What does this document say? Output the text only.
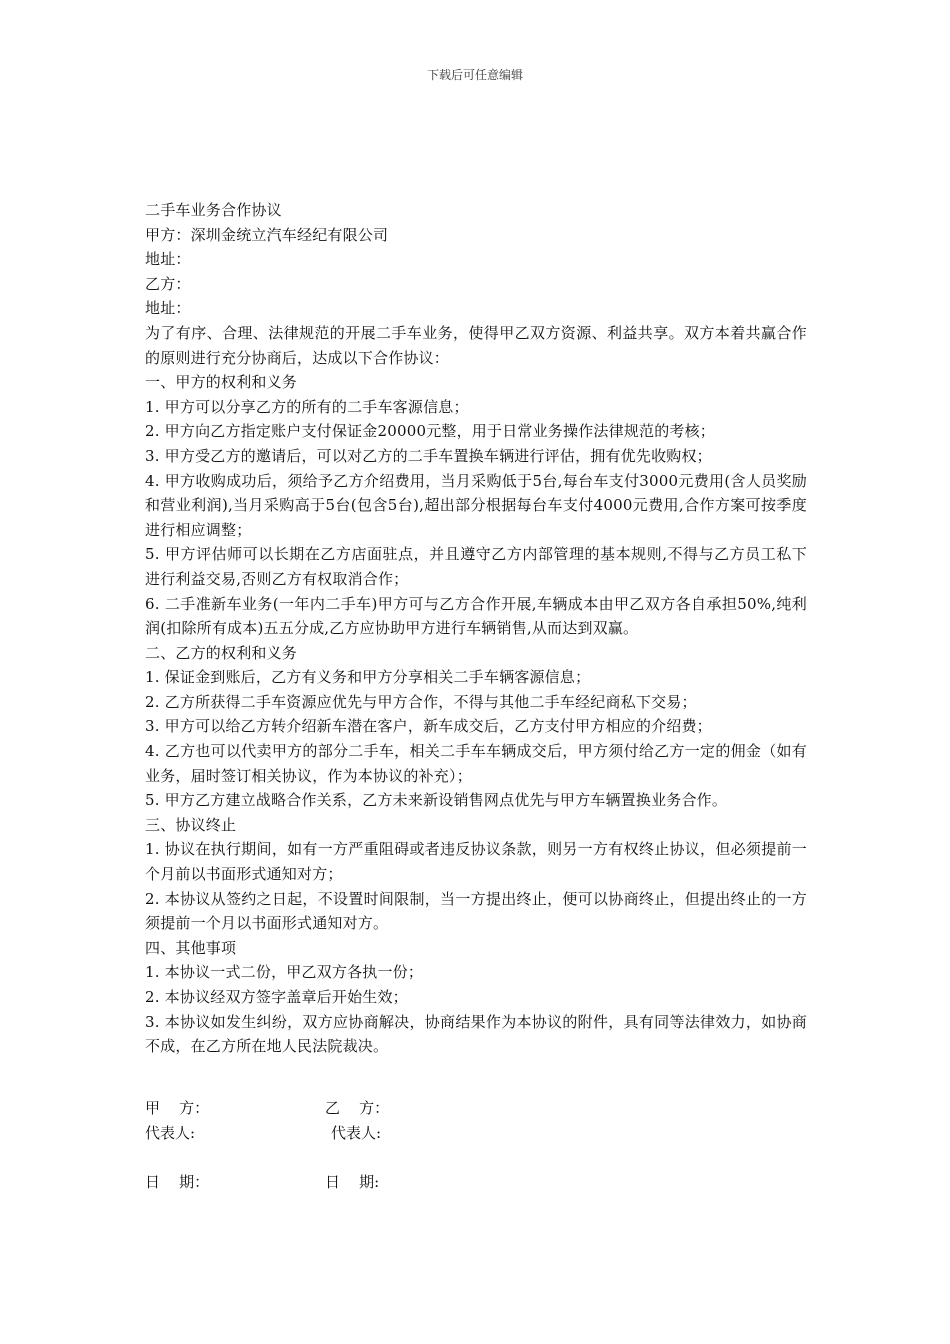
下载后可任意编辑

二手车业务合作协议

甲方：深圳金统立汽车经纪有限公司

地址：

乙方：

地址：

为了有序、合理、法律规范的开展二手车业务，使得甲乙双方资源、利益共享。双方本着共赢合作的原则进行充分协商后，达成以下合作协议：

一、甲方的权利和义务

1. 甲方可以分享乙方的所有的二手车客源信息；

2. 甲方向乙方指定账户支付保证金20000元整，用于日常业务操作法律规范的考核；

3. 甲方受乙方的邀请后，可以对乙方的二手车置换车辆进行评估，拥有优先收购权；

4. 甲方收购成功后，须给予乙方介绍费用，当月采购低于5台,每台车支付3000元费用(含人员奖励和营业利润),当月采购高于5台(包含5台),超出部分根据每台车支付4000元费用,合作方案可按季度进行相应调整；

5. 甲方评估师可以长期在乙方店面驻点，并且遵守乙方内部管理的基本规则,不得与乙方员工私下进行利益交易,否则乙方有权取消合作；

6. 二手准新车业务(一年内二手车)甲方可与乙方合作开展,车辆成本由甲乙双方各自承担50%,纯利润(扣除所有成本)五五分成,乙方应协助甲方进行车辆销售,从而达到双赢。

二、乙方的权利和义务

1. 保证金到账后，乙方有义务和甲方分享相关二手车辆客源信息；

2. 乙方所获得二手车资源应优先与甲方合作，不得与其他二手车经纪商私下交易；

3. 甲方可以给乙方转介绍新车潜在客户，新车成交后，乙方支付甲方相应的介绍费；

4. 乙方也可以代卖甲方的部分二手车，相关二手车车辆成交后，甲方须付给乙方一定的佣金（如有业务，届时签订相关协议，作为本协议的补充）；

5. 甲方乙方建立战略合作关系，乙方未来新设销售网点优先与甲方车辆置换业务合作。

三、协议终止

1. 协议在执行期间，如有一方严重阻碍或者违反协议条款，则另一方有权终止协议，但必须提前一个月前以书面形式通知对方；

2. 本协议从签约之日起，不设置时间限制，当一方提出终止，便可以协商终止，但提出终止的一方须提前一个月以书面形式通知对方。

四、其他事项

1. 本协议一式二份，甲乙双方各执一份；

2. 本协议经双方签字盖章后开始生效；

3. 本协议如发生纠纷，双方应协商解决，协商结果作为本协议的附件，具有同等法律效力，如协商不成，在乙方所在地人民法院裁决。

甲    方：	乙    方：
代表人:	代表人:
日    期：	日    期:
